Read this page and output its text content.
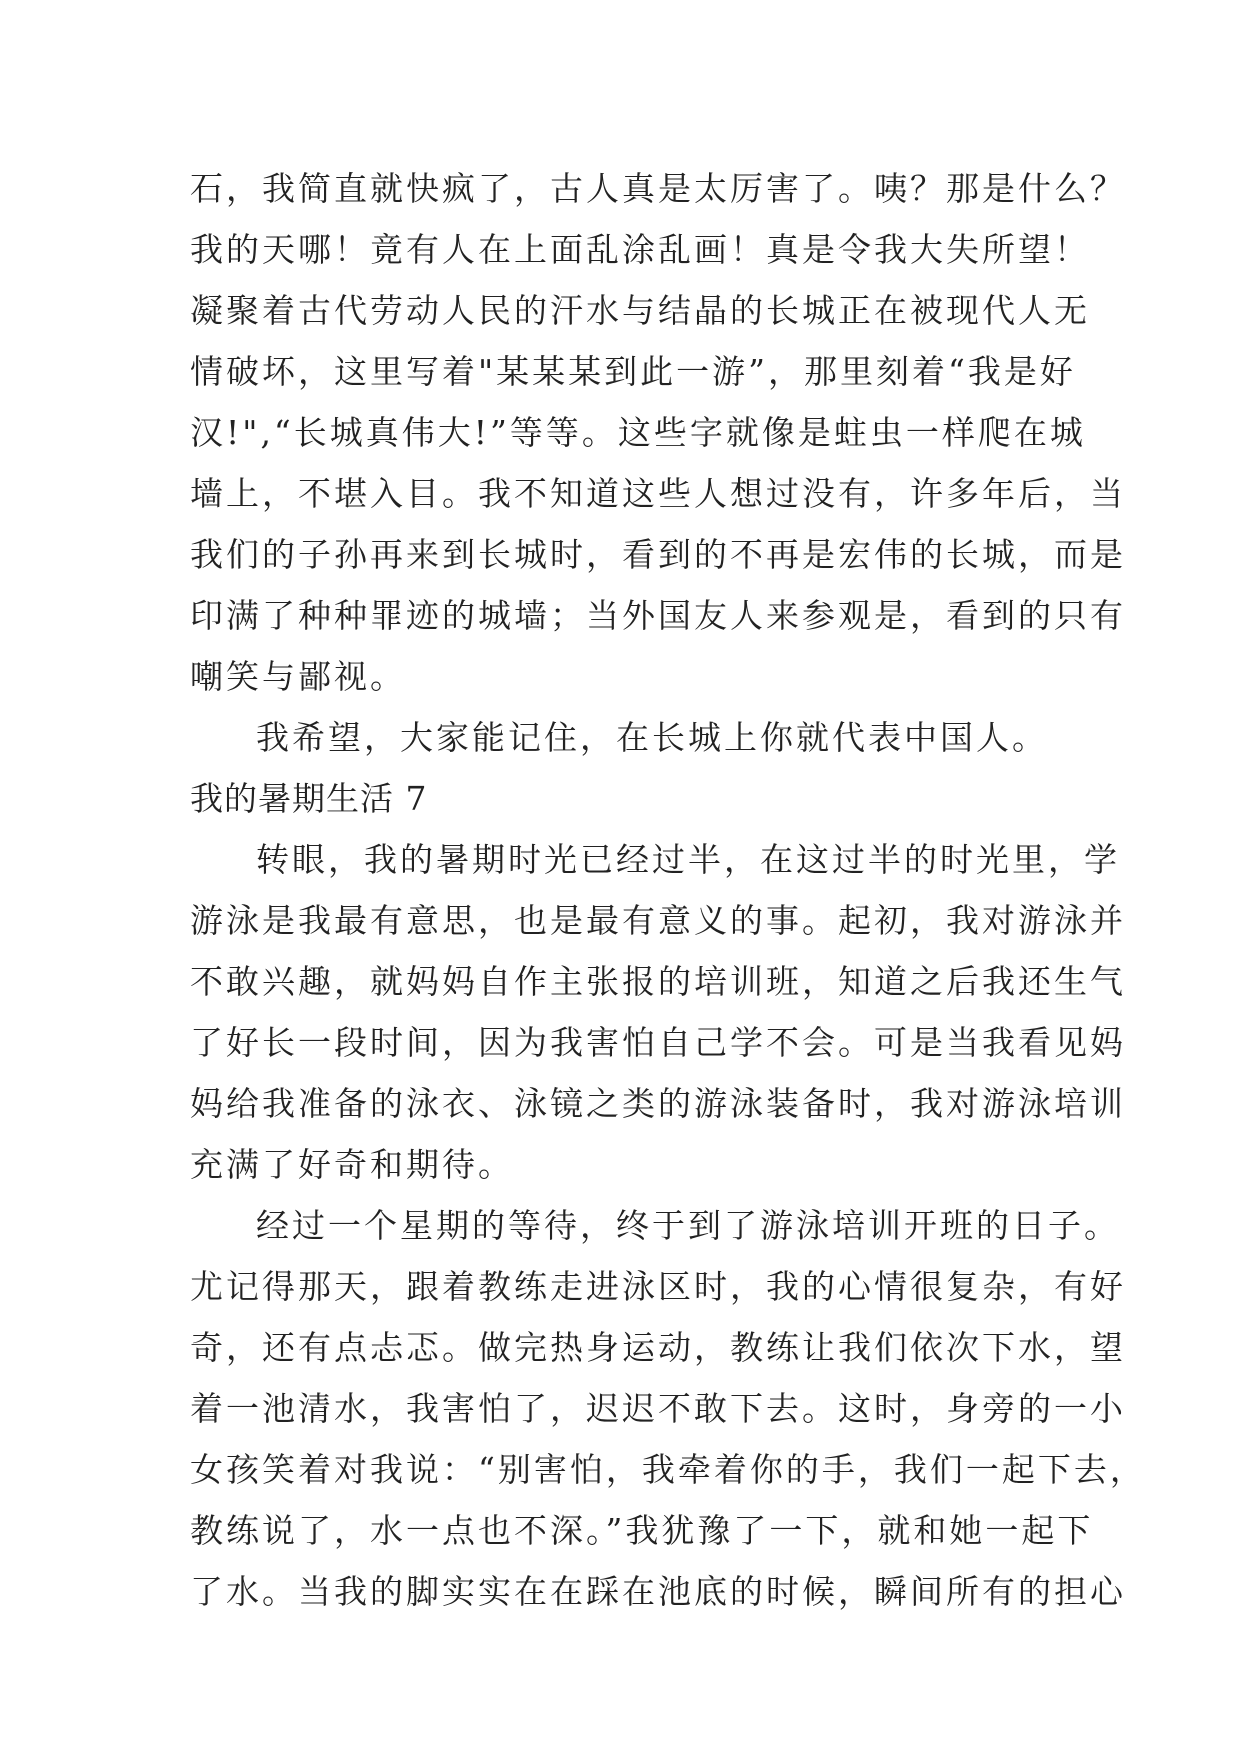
石，我简直就快疯了，古人真是太厉害了。咦？那是什么？
我的天哪！竟有人在上面乱涂乱画！真是令我大失所望！
凝聚着古代劳动人民的汗水与结晶的长城正在被现代人无
情破坏，这里写着"某某某到此一游”，那里刻着“我是好
汉!",“长城真伟大!”等等。这些字就像是蛀虫一样爬在城
墙上，不堪入目。我不知道这些人想过没有，许多年后，当
我们的子孙再来到长城时，看到的不再是宏伟的长城，而是
印满了种种罪迹的城墙；当外国友人来参观是，看到的只有
嘲笑与鄙视。
我希望，大家能记住，在长城上你就代表中国人。
我的暑期生活 7
转眼，我的暑期时光已经过半，在这过半的时光里，学
游泳是我最有意思，也是最有意义的事。起初，我对游泳并
不敢兴趣，就妈妈自作主张报的培训班，知道之后我还生气
了好长一段时间，因为我害怕自己学不会。可是当我看见妈
妈给我准备的泳衣、泳镜之类的游泳装备时，我对游泳培训
充满了好奇和期待。
经过一个星期的等待，终于到了游泳培训开班的日子。
尤记得那天，跟着教练走进泳区时，我的心情很复杂，有好
奇，还有点忐忑。做完热身运动，教练让我们依次下水，望
着一池清水，我害怕了，迟迟不敢下去。这时，身旁的一小
女孩笑着对我说：“别害怕，我牵着你的手，我们一起下去，
教练说了，水一点也不深。”我犹豫了一下，就和她一起下
了水。当我的脚实实在在踩在池底的时候，瞬间所有的担心
